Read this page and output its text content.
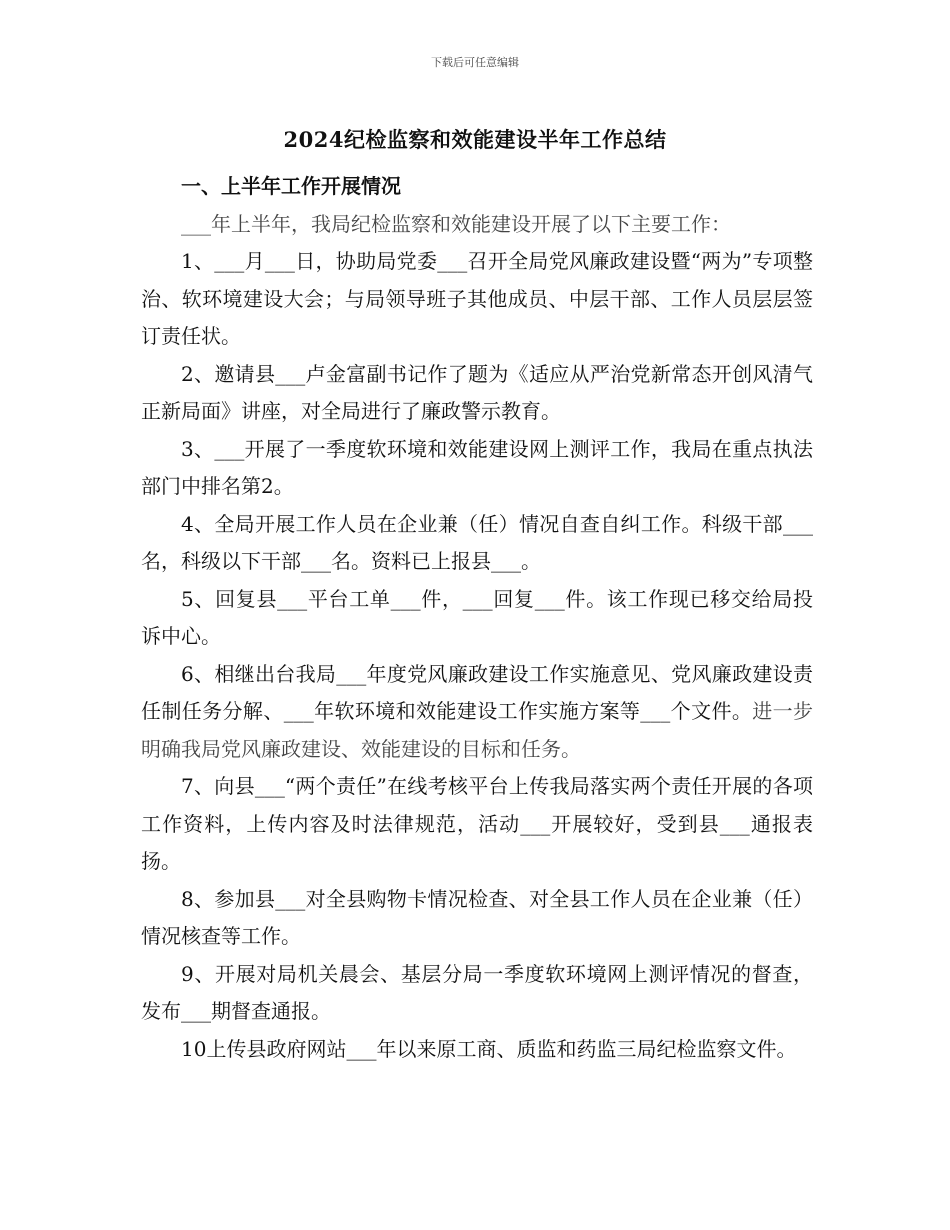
下载后可任意编辑
2024纪检监察和效能建设半年工作总结

一、上半年工作开展情况

___年上半年，我局纪检监察和效能建设开展了以下主要工作：

1、___月___日，协助局党委___召开全局党风廉政建设暨“两为”专项整治、软环境建设大会；与局领导班子其他成员、中层干部、工作人员层层签订责任状。

2、邀请县___卢金富副书记作了题为《适应从严治党新常态开创风清气正新局面》讲座，对全局进行了廉政警示教育。

3、___开展了一季度软环境和效能建设网上测评工作，我局在重点执法部门中排名第2。

4、全局开展工作人员在企业兼（任）情况自查自纠工作。科级干部___名，科级以下干部___名。资料已上报县___。

5、回复县___平台工单___件，___回复___件。该工作现已移交给局投诉中心。

6、相继出台我局___年度党风廉政建设工作实施意见、党风廉政建设责任制任务分解、___年软环境和效能建设工作实施方案等___个文件。进一步明确我局党风廉政建设、效能建设的目标和任务。

7、向县___“两个责任”在线考核平台上传我局落实两个责任开展的各项工作资料，上传内容及时法律规范，活动___开展较好，受到县___通报表扬。

8、参加县___对全县购物卡情况检查、对全县工作人员在企业兼（任）情况核查等工作。

9、开展对局机关晨会、基层分局一季度软环境网上测评情况的督查，发布___期督查通报。

10上传县政府网站___年以来原工商、质监和药监三局纪检监察文件。
